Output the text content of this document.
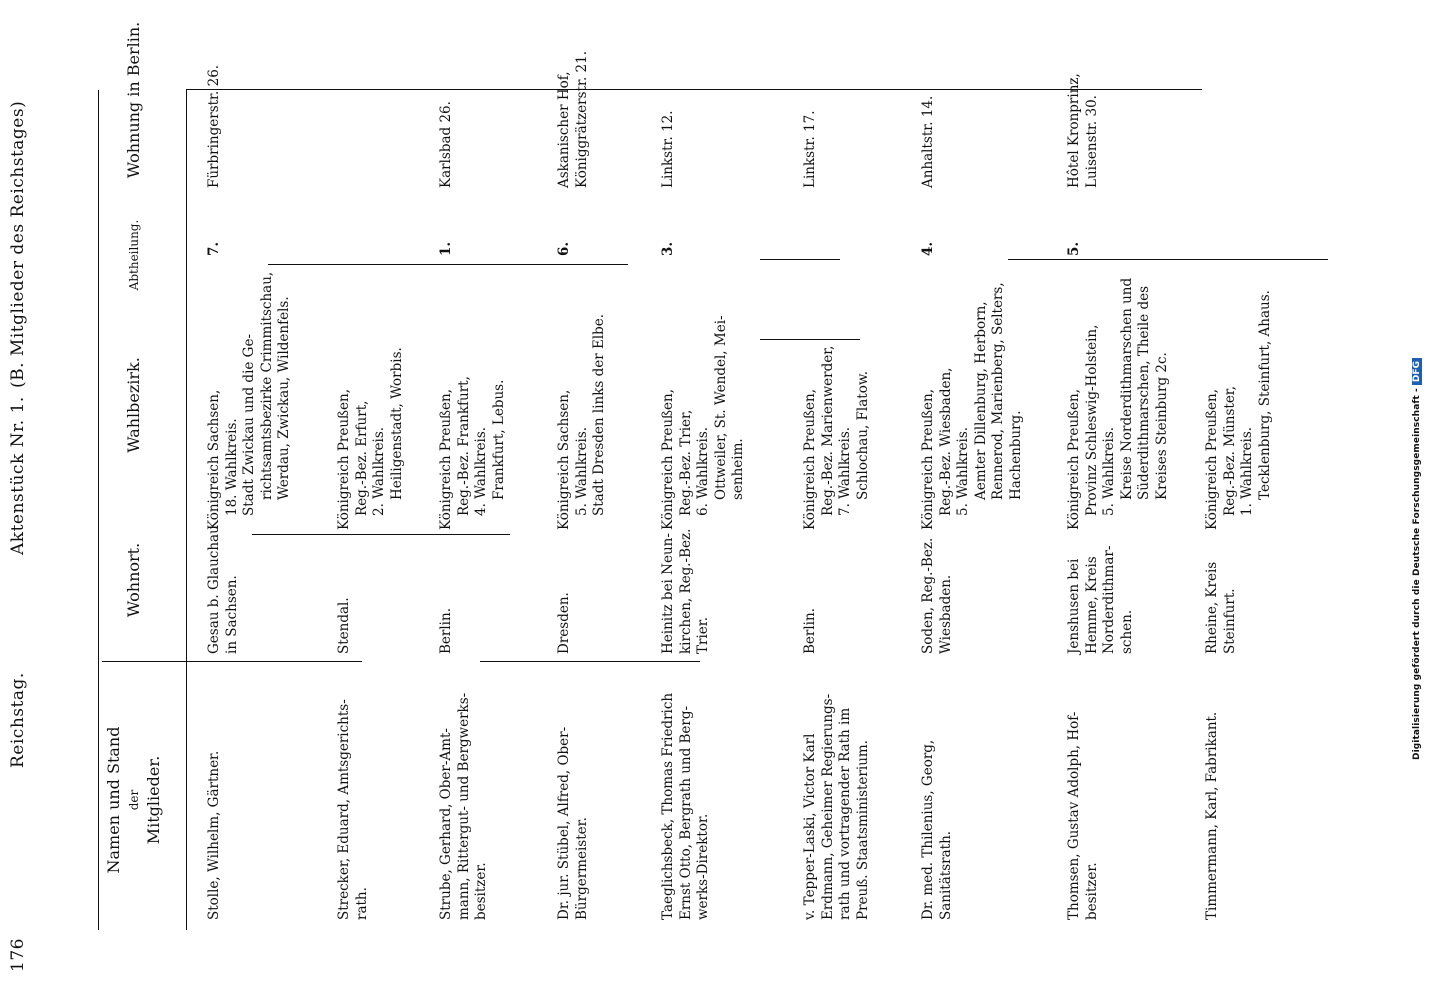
176
Reichstag.
Aktenstück Nr. 1.
(B. Mitglieder des Reichstages)
Digitalisierung gefördert durch die Deutsche Forschungsgemeinschaft -DFG
Namen und Stand der Mitglieder.
Wohnort.
Wahlbezirk.
Abtheilung.
Wohnung in Berlin.
Stolle, Wilhelm, Gärtner.
Gesau b. Glauchau in Sachsen.
Königreich Sachsen, 18. Wahlkreis. Stadt Zwickau und die Ge- richtsamtsbezirke Crimmitschau, Werdau, Zwickau, Wildenfels.
7.
Fürbringerstr. 26.
Strecker, Eduard, Amtsgerichts- rath.
Stendal.
Königreich Preußen, Reg.-Bez. Erfurt, 2. Wahlkreis. Heiligenstadt, Worbis.
Strube, Gerhard, Ober-Amt- mann, Rittergut- und Bergwerks- besitzer.
Berlin.
Königreich Preußen, Reg.-Bez. Frankfurt, 4. Wahlkreis. Frankfurt, Lebus.
1.
Karlsbad 26.
Dr. jur. Stübel, Alfred, Ober- Bürgermeister.
Dresden.
Königreich Sachsen, 5. Wahlkreis. Stadt Dresden links der Elbe.
6.
Askanischer Hof, Königgrätzerstr. 21.
Taeglichsbeck, Thomas Friedrich Ernst Otto, Bergrath und Berg- werks-Direktor.
Heinitz bei Neun- kirchen, Reg.-Bez. Trier.
Königreich Preußen, Reg.-Bez. Trier, 6. Wahlkreis. Ottweiler, St. Wendel, Mei- senheim.
3.
Linkstr. 12.
v. Tepper-Laski, Victor Karl Erdmann, Geheimer Regierungs- rath und vortragender Rath im Preuß. Staatsministerium.
Berlin.
Königreich Preußen, Reg.-Bez. Marienwerder, 7. Wahlkreis. Schlochau, Flatow.
Linkstr. 17.
Dr. med. Thilenius, Georg, Sanitätsrath.
Soden, Reg.-Bez. Wiesbaden.
Königreich Preußen, Reg.-Bez. Wiesbaden, 5. Wahlkreis. Aemter Dillenburg, Herborn, Rennerod, Marienberg, Selters, Hachenburg.
4.
Anhaltstr. 14.
Thomsen, Gustav Adolph, Hof- besitzer.
Jenshusen bei Hemme, Kreis Norderdithmar- schen.
Königreich Preußen, Provinz Schleswig-Holstein, 5. Wahlkreis. Kreise Norderdithmarschen und Süderdithmarschen, Theile des Kreises Steinburg 2c.
5.
Hôtel Kronprinz, Luisenstr. 30.
Timmermann, Karl, Fabrikant.
Rheine, Kreis Steinfurt.
Königreich Preußen, Reg.-Bez. Münster, 1. Wahlkreis. Tecklenburg, Steinfurt, Ahaus.
